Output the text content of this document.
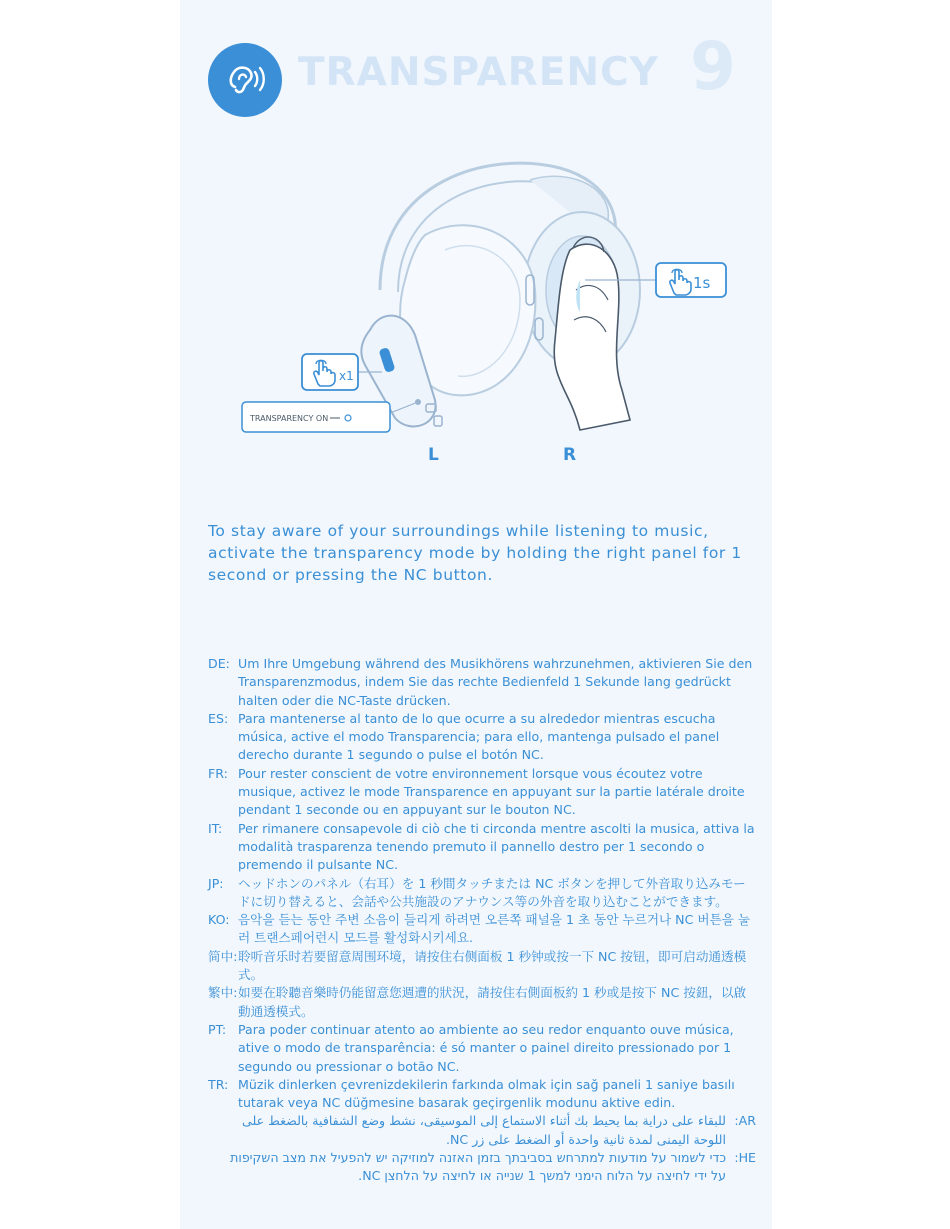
TRANSPARENCY 9
1s
x1
TRANSPARENCY ON
L	R
To stay aware of your surroundings while listening to music, activate the transparency mode by holding the right panel for 1 second or pressing the NC button.
DE: Um Ihre Umgebung während des Musikhörens wahrzunehmen, aktivieren Sie den Transparenzmodus, indem Sie das rechte Bedienfeld 1 Sekunde lang gedrückt halten oder die NC-Taste drücken.
ES: Para mantenerse al tanto de lo que ocurre a su alrededor mientras escucha música, active el modo Transparencia; para ello, mantenga pulsado el panel derecho durante 1 segundo o pulse el botón NC.
FR: Pour rester conscient de votre environnement lorsque vous écoutez votre musique, activez le mode Transparence en appuyant sur la partie latérale droite pendant 1 seconde ou en appuyant sur le bouton NC.
IT:	Per rimanere consapevole di ciò che ti circonda mentre ascolti la musica, attiva la modalità trasparenza tenendo premuto il pannello destro per 1 secondo o premendo il pulsante NC.
JP:	ヘッドホンのパネル（右耳）を 1 秒間タッチまたは NC ボタンを押して外音取り込みモードに切り替えると、会話や公共施設のアナウンス等の外音を取り込むことができます。
KO: 음악을 듣는 동안 주변 소음이 들리게 하려면 오른쪽 패널을 1 초 동안 누르거나 NC 버튼을 눌러 트랜스페어런시 모드를 활성화시키세요.
简中: 聆听音乐时若要留意周围环境，请按住右侧面板 1 秒钟或按一下 NC 按钮，即可启动通透模式。
繁中: 如要在聆聽音樂時仍能留意您週遭的狀況，請按住右側面板約 1 秒或是按下 NC 按鈕，以啟動通透模式。
PT: Para poder continuar atento ao ambiente ao seu redor enquanto ouve música, ative o modo de transparência: é só manter o painel direito pressionado por 1 segundo ou pressionar o botão NC.
TR: Müzik dinlerken çevrenizdekilerin farkında olmak için sağ paneli 1 saniye basılı tutarak veya NC düğmesine basarak geçirgenlik modunu aktive edin.
AR:
للبقاء على دراية بما يحيط بك أثناء الاستماع إلى الموسيقى، نشط وضع الشفافية بالضغط على اللوحة اليمنى لمدة ثانية واحدة أو الضغط على زر NC.
HE:
כדי לשמור על מודעות למתרחש בסביבתך בזמן האזנה למוזיקה יש להפעיל את מצב השקיפות על ידי לחיצה על הלוח הימני למשך 1 שנייה או לחיצה על הלחצן NC.
